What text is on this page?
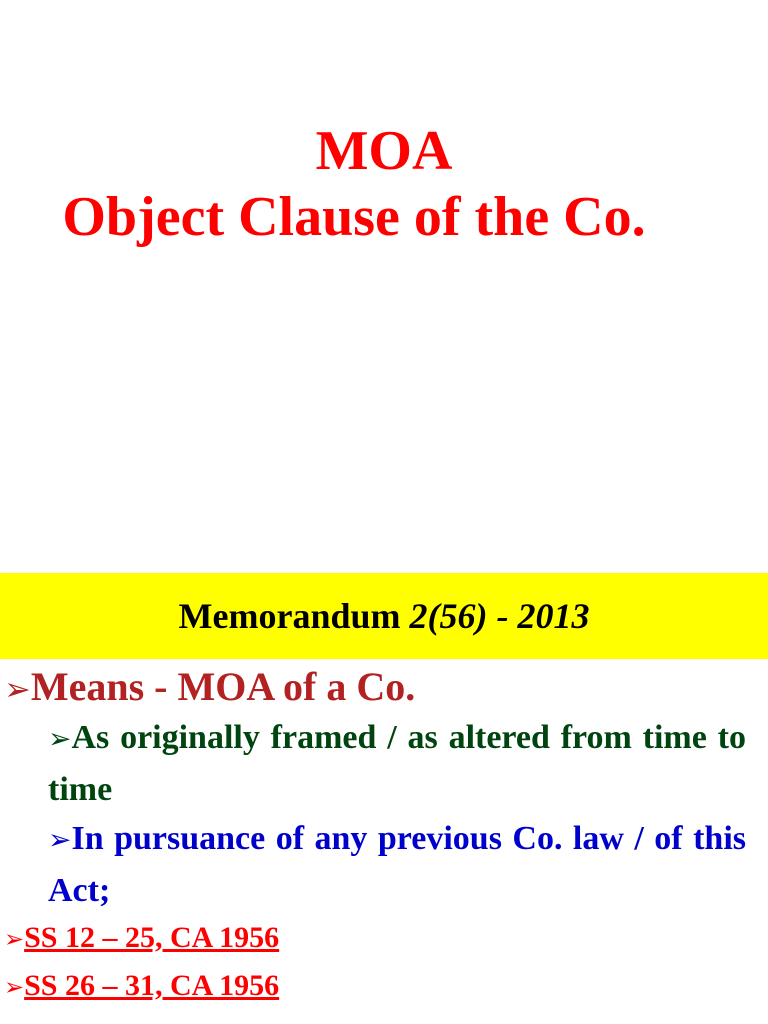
MOA
Object Clause of the Co.
Memorandum 2(56) - 2013
➢Means - MOA of a Co.
➢As originally framed / as altered from time to time
➢In pursuance of any previous Co. law / of this Act;
➢SS 12 – 25, CA 1956
➢SS 26 – 31, CA 1956
